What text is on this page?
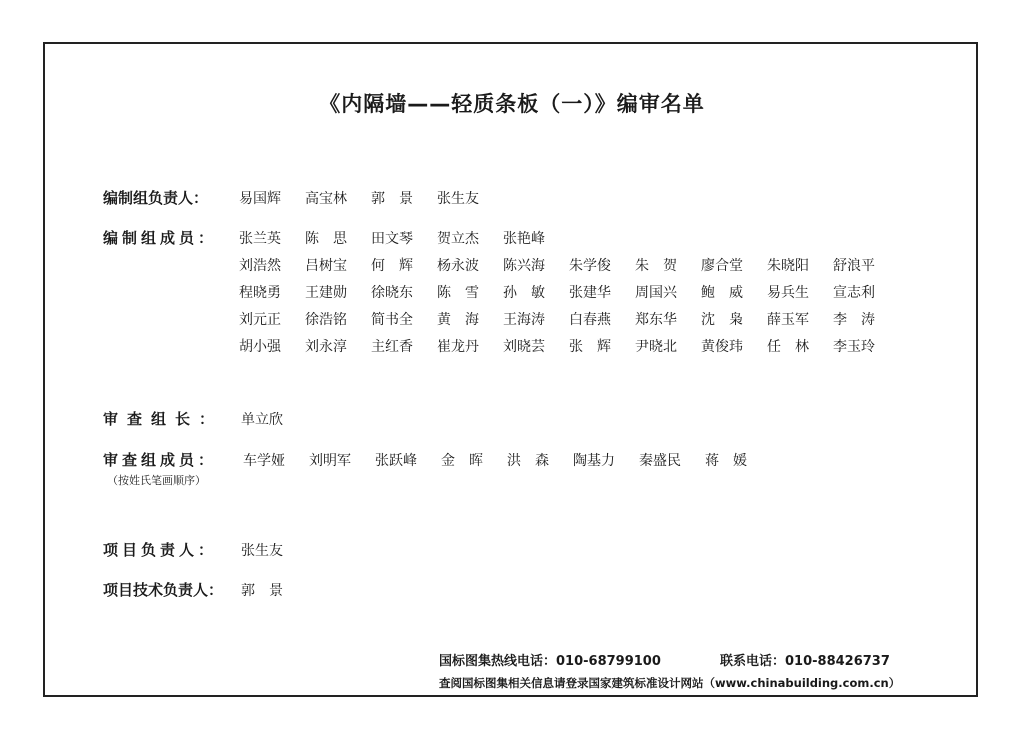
《内隔墙——轻质条板（一）》编审名单
编制组负责人： 易国辉 高宝林 郭　景 张生友
编制组成员： 张兰英 陈　思 田文琴 贺立杰 张艳峰
刘浩然 吕树宝 何　辉 杨永波 陈兴海 朱学俊 朱　贺 廖合堂 朱晓阳 舒浪平
程晓勇 王建勋 徐晓东 陈　雪 孙　敏 张建华 周国兴 鲍　威 易兵生 宣志利
刘元正 徐浩铭 简书全 黄　海 王海涛 白春燕 郑东华 沈　枭 薛玉军 李　涛
胡小强 刘永淳 主红香 崔龙丹 刘晓芸 张　辉 尹晓北 黄俊玮 任　林 李玉玲
审查组长： 单立欣
审查组成员：
（按姓氏笔画顺序）
车学娅 刘明军 张跃峰 金　晖 洪　森 陶基力 秦盛民 蒋　媛
项目负责人： 张生友
项目技术负责人： 郭　景
国标图集热线电话：010-68799100	联系电话：010-88426737
查阅国标图集相关信息请登录国家建筑标准设计网站（www.chinabuilding.com.cn）
